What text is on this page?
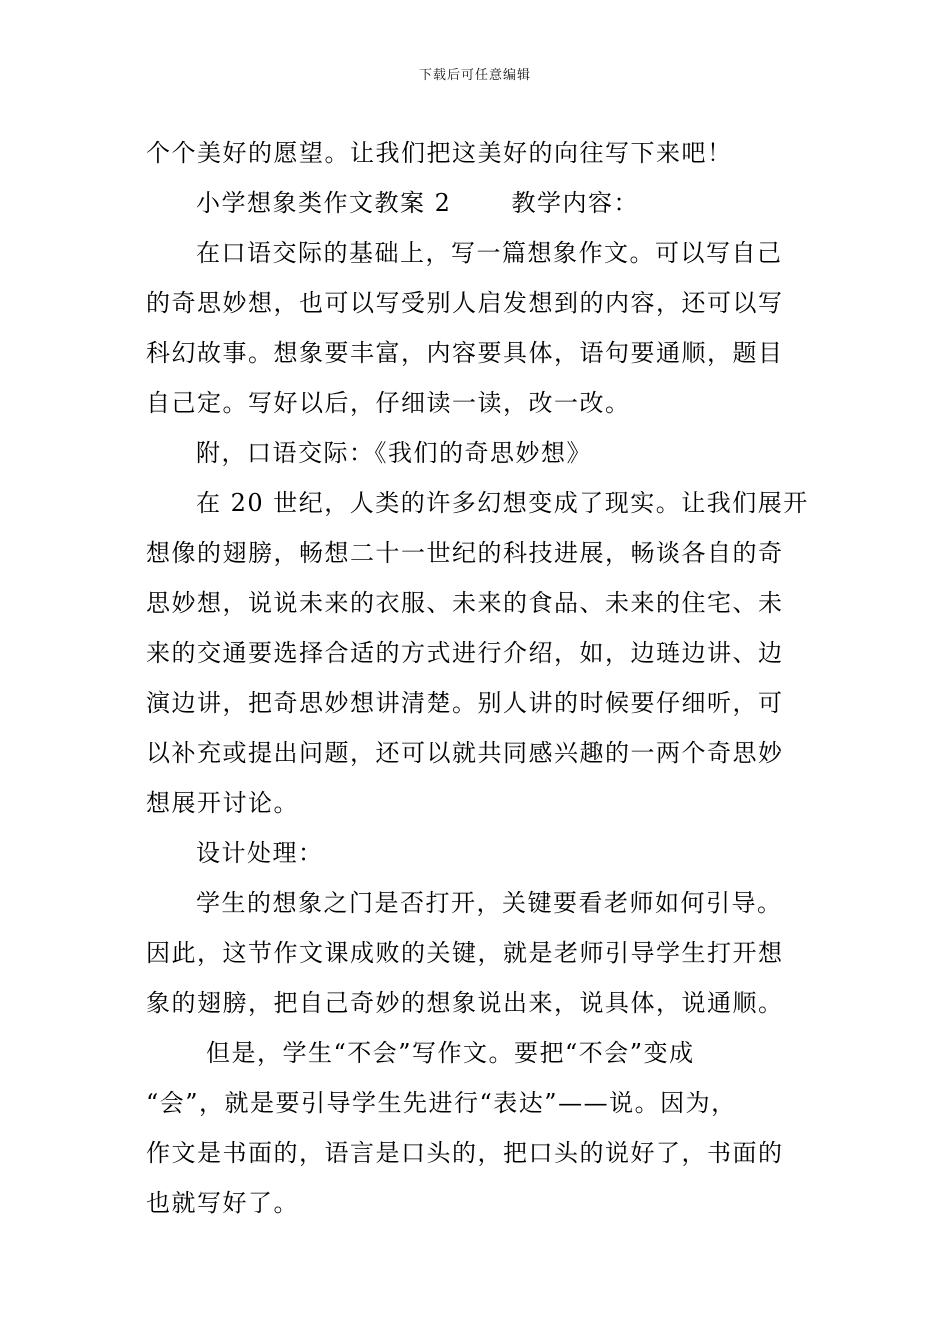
下载后可任意编辑
个个美好的愿望。让我们把这美好的向往写下来吧！
小学想象类作文教案 2　　 教学内容：
在口语交际的基础上，写一篇想象作文。可以写自己
的奇思妙想，也可以写受别人启发想到的内容，还可以写
科幻故事。想象要丰富，内容要具体，语句要通顺，题目
自己定。写好以后，仔细读一读，改一改。
附，口语交际：《我们的奇思妙想》
在 20 世纪，人类的许多幻想变成了现实。让我们展开
想像的翅膀，畅想二十一世纪的科技进展，畅谈各自的奇
思妙想，说说未来的衣服、未来的食品、未来的住宅、未
来的交通要选择合适的方式进行介绍，如，边琏边讲、边
演边讲，把奇思妙想讲清楚。别人讲的时候要仔细听，可
以补充或提出问题，还可以就共同感兴趣的一两个奇思妙
想展开讨论。
设计处理：
学生的想象之门是否打开，关键要看老师如何引导。
因此，这节作文课成败的关键，就是老师引导学生打开想
象的翅膀，把自己奇妙的想象说出来，说具体，说通顺。
但是，学生“不会”写作文。要把“不会”变成
“会”，就是要引导学生先进行“表达”——说。因为，
作文是书面的，语言是口头的，把口头的说好了，书面的
也就写好了。
